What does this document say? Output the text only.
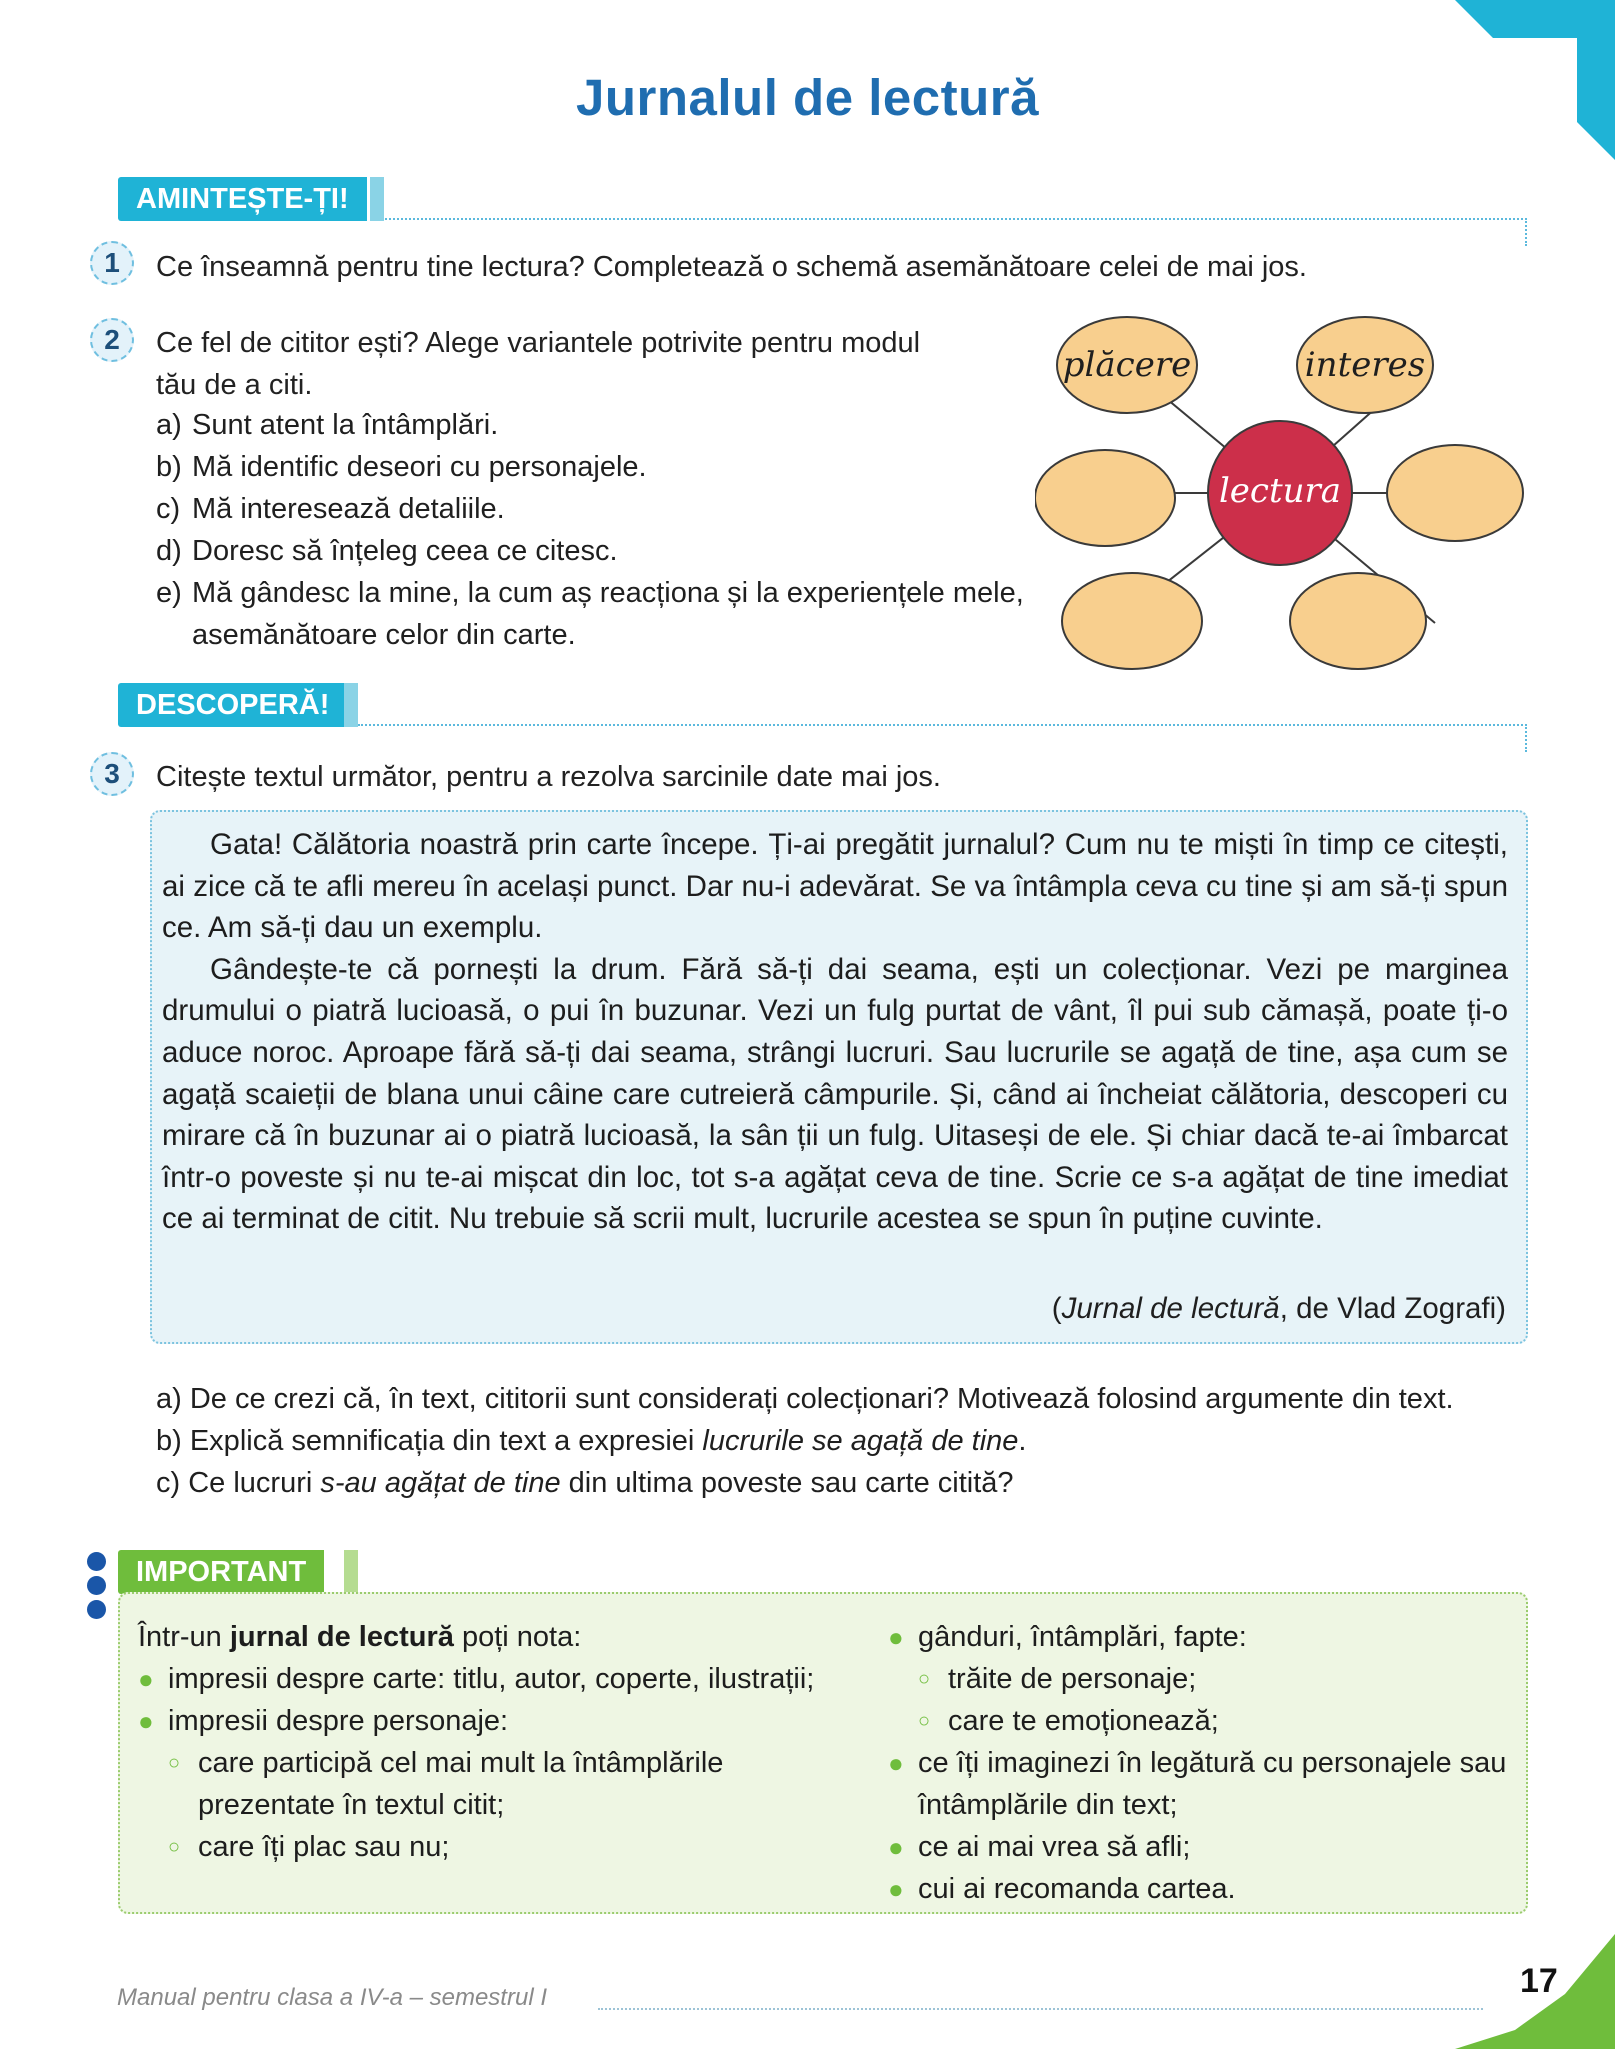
Jurnalul de lectură
AMINTEȘTE-ȚI!
1	Ce înseamnă pentru tine lectura? Completează o schemă asemănătoare celei de mai jos.
2	Ce fel de cititor ești? Alege variantele potrivite pentru modul
tău de a citi.
a) Sunt atent la întâmplări.
b) Mă identific deseori cu personajele.
c) Mă interesează detaliile.
d) Doresc să înțeleg ceea ce citesc.
e) Mă gândesc la mine, la cum aș reacționa și la experiențele mele, asemănătoare celor din carte.
lectura
plăcere	interes
DESCOPERĂ!
3	Citește textul următor, pentru a rezolva sarcinile date mai jos.

Gata! Călătoria noastră prin carte începe. Ți-ai pregătit jurnalul? Cum nu te miști în timp ce citești, ai zice că te afli mereu în același punct. Dar nu-i adevărat. Se va întâmpla ceva cu tine și am să-ți spun ce. Am să-ți dau un exemplu.

Gândește-te că pornești la drum. Fără să-ți dai seama, ești un colecționar. Vezi pe marginea drumului o piatră lucioasă, o pui în buzunar. Vezi un fulg purtat de vânt, îl pui sub cămașă, poate ți-o aduce noroc. Aproape fără să-ți dai seama, strângi lucruri. Sau lucrurile se agață de tine, așa cum se agață scaieții de blana unui câine care cutreieră câmpurile. Și, când ai încheiat călătoria, descoperi cu mirare că în buzunar ai o piatră lucioasă, la sân ții un fulg. Uitaseși de ele. Și chiar dacă te-ai îmbarcat într-o poveste și nu te-ai mișcat din loc, tot s-a agățat ceva de tine. Scrie ce s-a agățat de tine imediat ce ai terminat de citit. Nu trebuie să scrii mult, lucrurile acestea se spun în puține cuvinte.

(Jurnal de lectură, de Vlad Zografi)
a) De ce crezi că, în text, cititorii sunt considerați colecționari? Motivează folosind argumente din text.
b) Explică semnificația din text a expresiei lucrurile se agață de tine.
c) Ce lucruri s-au agățat de tine din ultima poveste sau carte citită?
IMPORTANT
Într-un jurnal de lectură poți nota:
● impresii despre carte: titlu, autor, coperte, ilustrații;
● impresii despre personaje:
○ care participă cel mai mult la întâmplările prezentate în textul citit;
○ care îți plac sau nu;
● gânduri, întâmplări, fapte:
○ trăite de personaje;
○ care te emoționează;
● ce îți imaginezi în legătură cu personajele sau întâmplările din text;
● ce ai mai vrea să afli;
● cui ai recomanda cartea.
Manual pentru clasa a IV-a – semestrul I	17
